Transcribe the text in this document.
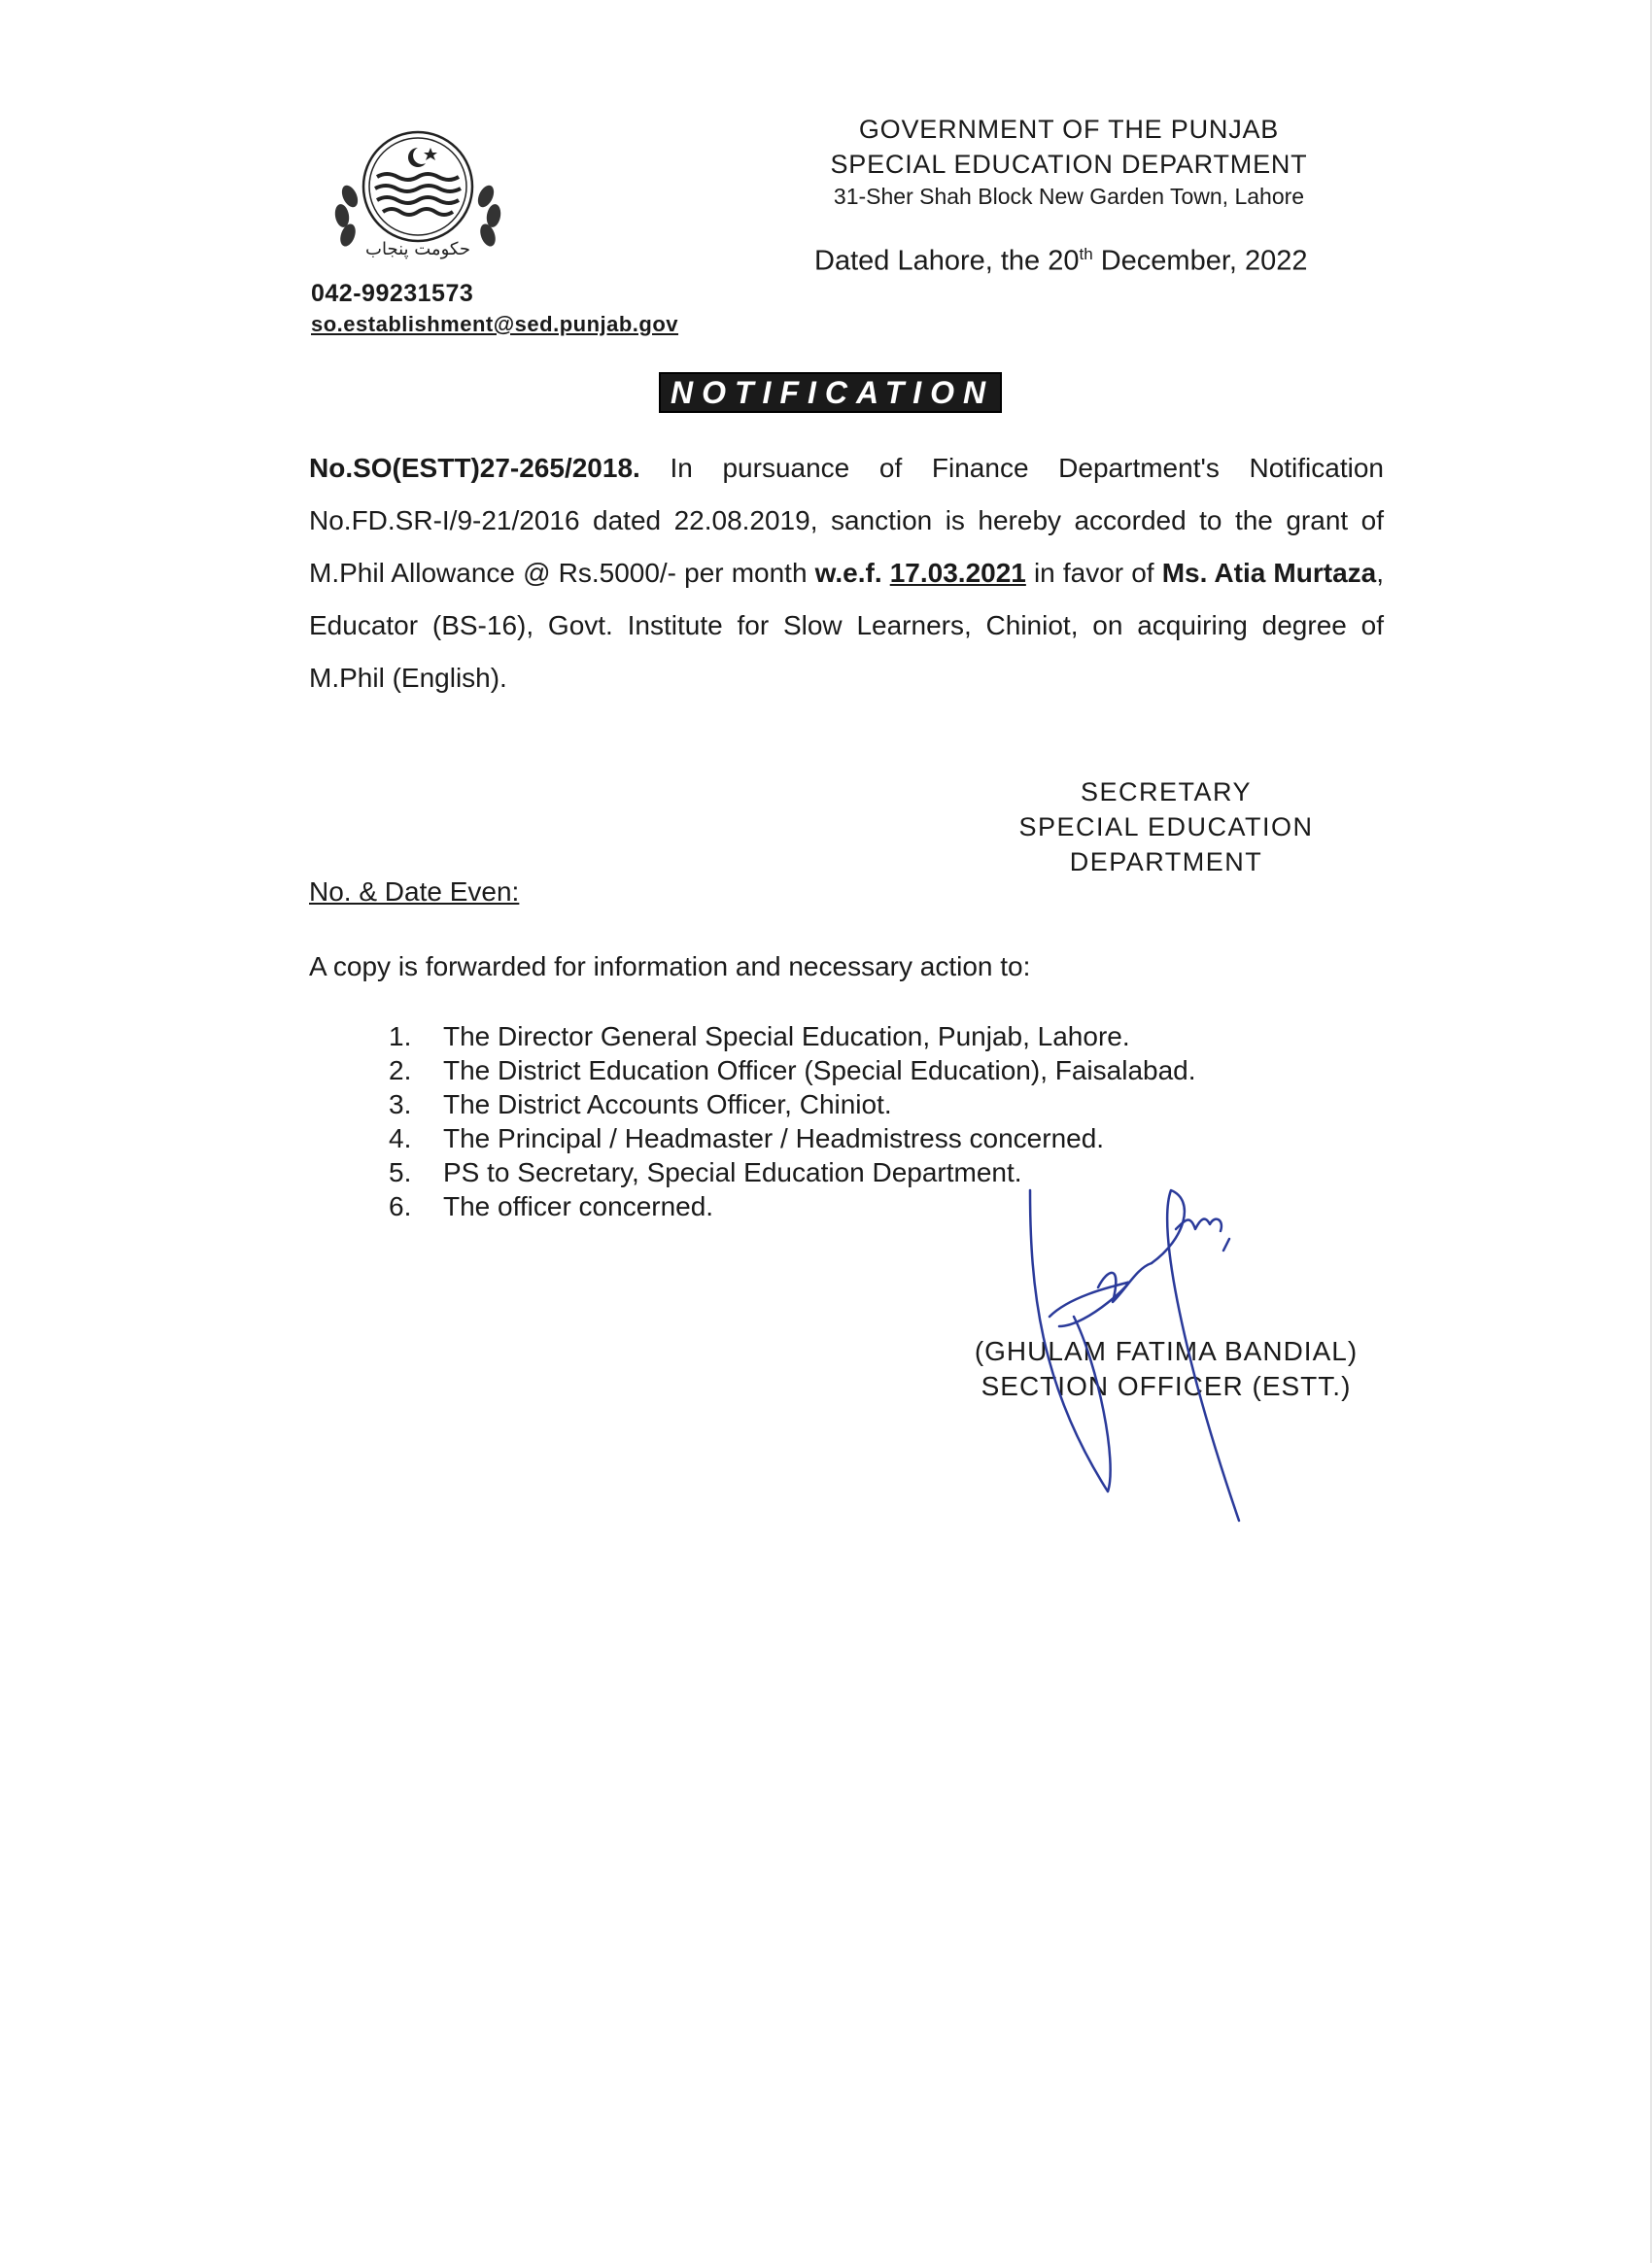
حکومت پنجاب
042-99231573
so.establishment@sed.punjab.gov
GOVERNMENT OF THE PUNJAB
SPECIAL EDUCATION DEPARTMENT
31-Sher Shah Block New Garden Town, Lahore
Dated Lahore, the 20th December, 2022
NOTIFICATION
No.SO(ESTT)27-265/2018. In pursuance of Finance Department's Notification No.FD.SR-I/9-21/2016 dated 22.08.2019, sanction is hereby accorded to the grant of M.Phil Allowance @ Rs.5000/- per month w.e.f. 17.03.2021 in favor of Ms. Atia Murtaza, Educator (BS-16), Govt. Institute for Slow Learners, Chiniot, on acquiring degree of M.Phil (English).
SECRETARY
SPECIAL EDUCATION
DEPARTMENT
No. & Date Even:
A copy is forwarded for information and necessary action to:
1.	The Director General Special Education, Punjab, Lahore.
2.	The District Education Officer (Special Education), Faisalabad.
3.	The District Accounts Officer, Chiniot.
4.	The Principal / Headmaster / Headmistress concerned.
5.	PS to Secretary, Special Education Department.
6.	The officer concerned.
(GHULAM FATIMA BANDIAL)
SECTION OFFICER (ESTT.)
